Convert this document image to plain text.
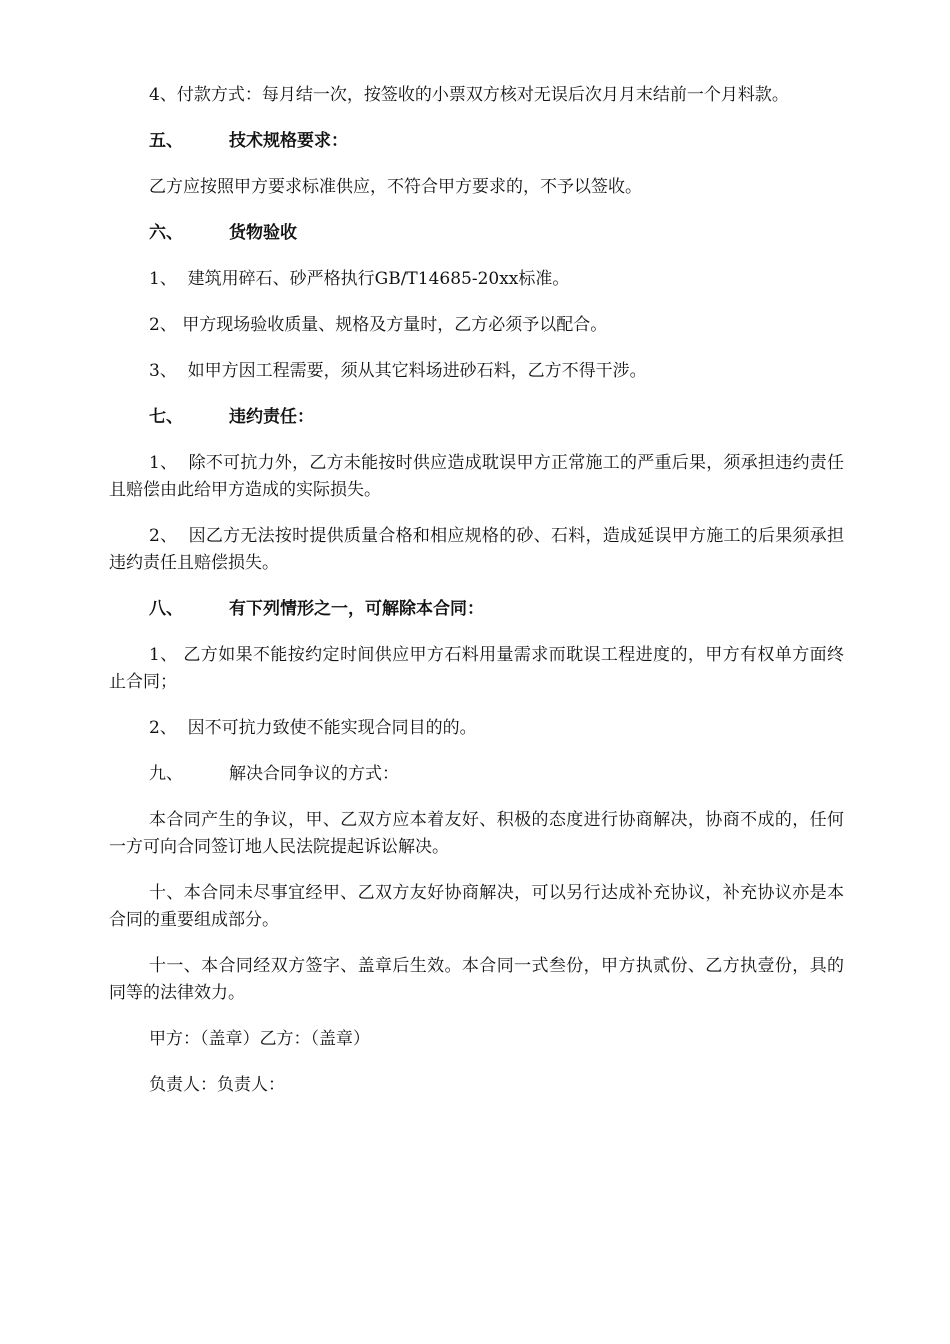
4、付款方式：每月结一次，按签收的小票双方核对无误后次月月末结前一个月料款。

五、	技术规格要求：

乙方应按照甲方要求标准供应，不符合甲方要求的，不予以签收。

六、	货物验收

1、  建筑用碎石、砂严格执行GB/T14685-20xx标准。

2、 甲方现场验收质量、规格及方量时，乙方必须予以配合。

3、  如甲方因工程需要，须从其它料场进砂石料，乙方不得干涉。

七、	违约责任：

1、  除不可抗力外，乙方未能按时供应造成耽误甲方正常施工的严重后果，须承担违约责任且赔偿由此给甲方造成的实际损失。

2、  因乙方无法按时提供质量合格和相应规格的砂、石料，造成延误甲方施工的后果须承担违约责任且赔偿损失。

八、	有下列情形之一，可解除本合同：

1、 乙方如果不能按约定时间供应甲方石料用量需求而耽误工程进度的，甲方有权单方面终止合同；

2、  因不可抗力致使不能实现合同目的的。

九、	解决合同争议的方式：

本合同产生的争议，甲、乙双方应本着友好、积极的态度进行协商解决，协商不成的，任何一方可向合同签订地人民法院提起诉讼解决。

十、本合同未尽事宜经甲、乙双方友好协商解决，可以另行达成补充协议，补充协议亦是本合同的重要组成部分。

十一、本合同经双方签字、盖章后生效。本合同一式叁份，甲方执贰份、乙方执壹份，具的同等的法律效力。

甲方：（盖章）乙方：（盖章）

负责人：负责人：
